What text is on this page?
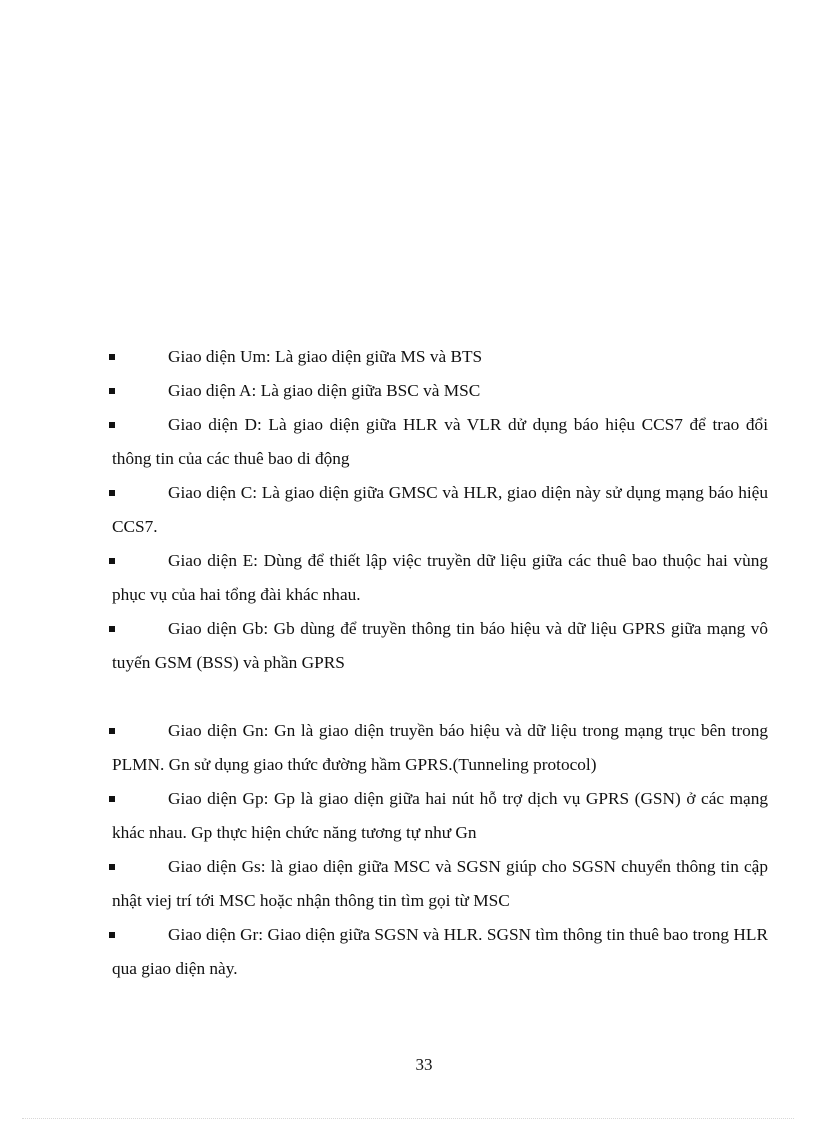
Giao diện Um: Là giao diện giữa MS và BTS
Giao diện A: Là giao diện giữa BSC và MSC
Giao diện D: Là giao diện giữa HLR và VLR dử dụng báo hiệu CCS7 để trao đổi thông tin của các thuê bao di động
Giao diện C: Là giao diện giữa GMSC và HLR, giao diện này sử dụng mạng báo hiệu CCS7.
Giao diện E: Dùng để thiết lập việc truyền dữ liệu giữa các thuê bao thuộc hai vùng phục vụ của hai tổng đài khác nhau.
Giao diện Gb: Gb dùng để truyền thông tin báo hiệu và dữ liệu GPRS giữa mạng vô tuyến GSM (BSS) và phần GPRS
Giao diện Gn: Gn là giao diện truyền báo hiệu và dữ liệu trong mạng trục bên trong PLMN. Gn sử dụng giao thức đường hầm GPRS.(Tunneling protocol)
Giao diện Gp: Gp là giao diện giữa hai nút hỗ trợ dịch vụ GPRS (GSN) ở các mạng khác nhau. Gp thực hiện chức năng tương tự như Gn
Giao diện Gs: là giao diện giữa MSC và SGSN giúp cho SGSN chuyển thông tin cập nhật viej trí tới MSC hoặc nhận thông tin tìm gọi từ MSC
Giao diện Gr: Giao diện giữa SGSN và HLR. SGSN tìm thông tin thuê bao trong HLR qua giao diện này.
33
